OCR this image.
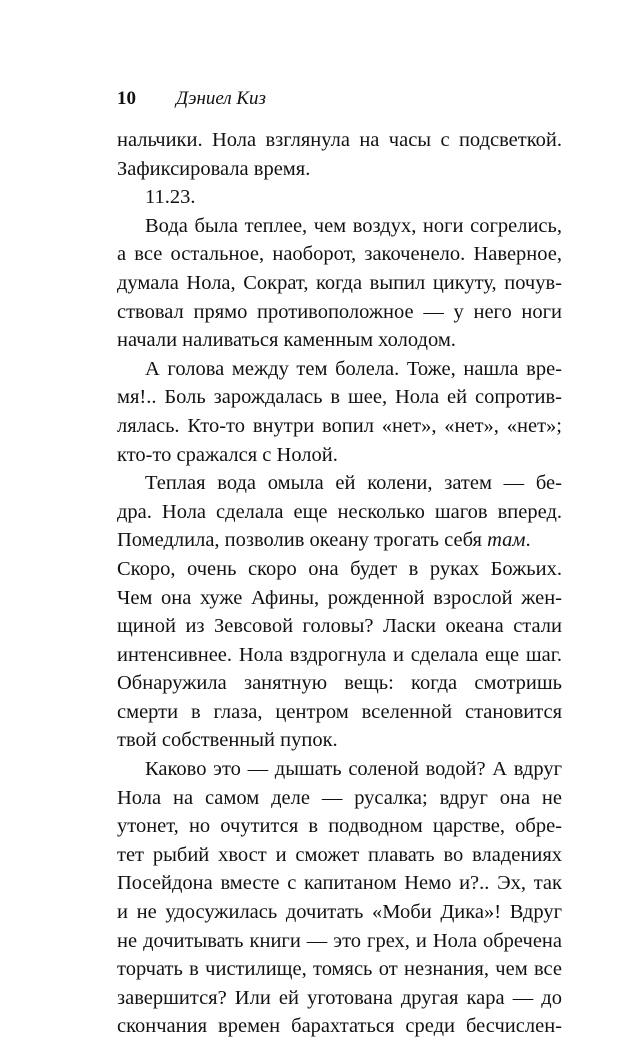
10 Дэниел Киз
нальчики. Нола взглянула на часы с подсветкой.
Зафиксировала время.
11.23.
Вода была теплее, чем воздух, ноги согрелись,
а все остальное, наоборот, закоченело. Наверное,
думала Нола, Сократ, когда выпил цикуту, почув-
ствовал прямо противоположное — у него ноги
начали наливаться каменным холодом.
А голова между тем болела. Тоже, нашла вре-
мя!.. Боль зарождалась в шее, Нола ей сопротив-
лялась. Кто-то внутри вопил «нет», «нет», «нет»;
кто-то сражался с Нолой.
Теплая вода омыла ей колени, затем — бе-
дра. Нола сделала еще несколько шагов вперед.
Помедлила, позволив океану трогать себя там.
Скоро, очень скоро она будет в руках Божьих.
Чем она хуже Афины, рожденной взрослой жен-
щиной из Зевсовой головы? Ласки океана стали
интенсивнее. Нола вздрогнула и сделала еще шаг.
Обнаружила занятную вещь: когда смотришь
смерти в глаза, центром вселенной становится
твой собственный пупок.
Каково это — дышать соленой водой? А вдруг
Нола на самом деле — русалка; вдруг она не
утонет, но очутится в подводном царстве, обре-
тет рыбий хвост и сможет плавать во владениях
Посейдона вместе с капитаном Немо и?.. Эх, так
и не удосужилась дочитать «Моби Дика»! Вдруг
не дочитывать книги — это грех, и Нола обречена
торчать в чистилище, томясь от незнания, чем все
завершится? Или ей уготована другая кара — до
скончания времен барахтаться среди бесчислен-
